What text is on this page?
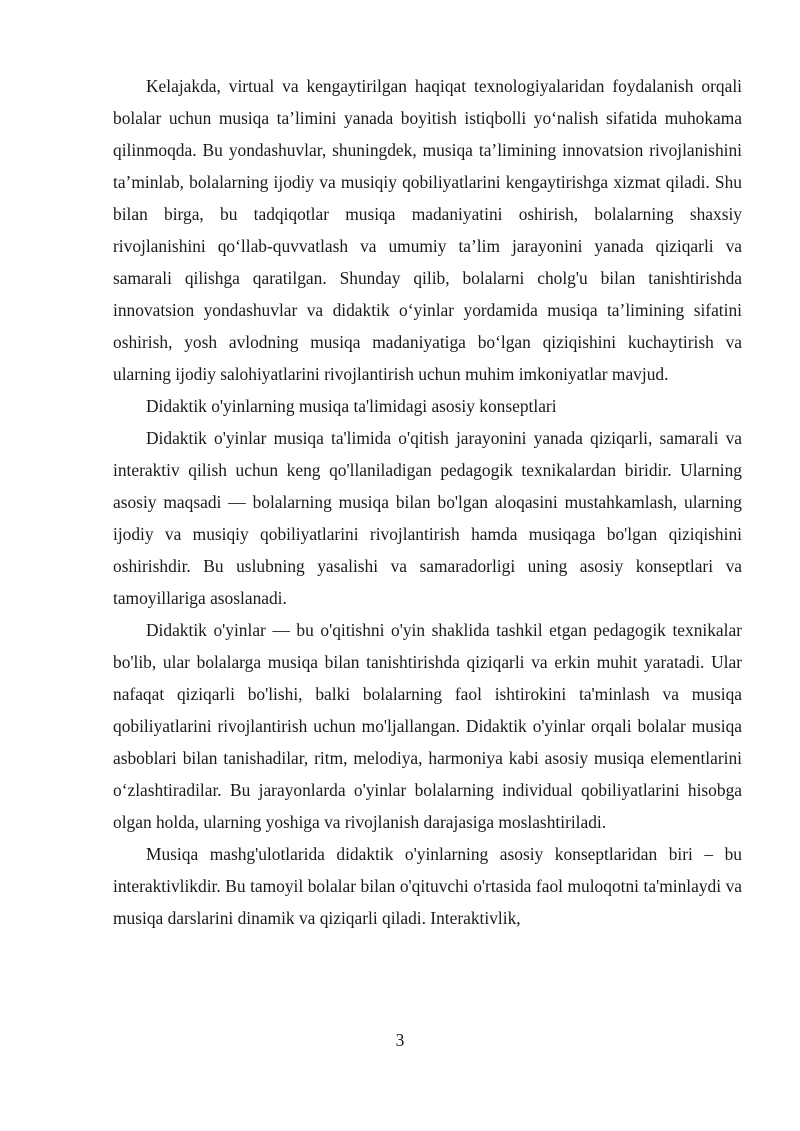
Kelajakda, virtual va kengaytirilgan haqiqat texnologiyalaridan foydalanish orqali bolalar uchun musiqa ta’limini yanada boyitish istiqbolli yo‘nalish sifatida muhokama qilinmoqda. Bu yondashuvlar, shuningdek, musiqa ta’limining innovatsion rivojlanishini ta’minlab, bolalarning ijodiy va musiqiy qobiliyatlarini kengaytirishga xizmat qiladi. Shu bilan birga, bu tadqiqotlar musiqa madaniyatini oshirish, bolalarning shaxsiy rivojlanishini qo‘llab-quvvatlash va umumiy ta’lim jarayonini yanada qiziqarli va samarali qilishga qaratilgan. Shunday qilib, bolalarni cholg'u bilan tanishtirishda innovatsion yondashuvlar va didaktik o‘yinlar yordamida musiqa ta’limining sifatini oshirish, yosh avlodning musiqa madaniyatiga bo‘lgan qiziqishini kuchaytirish va ularning ijodiy salohiyatlarini rivojlantirish uchun muhim imkoniyatlar mavjud.

Didaktik o'yinlarning musiqa ta'limidagi asosiy konseptlari

Didaktik o'yinlar musiqa ta'limida o'qitish jarayonini yanada qiziqarli, samarali va interaktiv qilish uchun keng qo'llaniladigan pedagogik texnikalardan biridir. Ularning asosiy maqsadi — bolalarning musiqa bilan bo'lgan aloqasini mustahkamlash, ularning ijodiy va musiqiy qobiliyatlarini rivojlantirish hamda musiqaga bo'lgan qiziqishini oshirishdir. Bu uslubning yasalishi va samaradorligi uning asosiy konseptlari va tamoyillariga asoslanadi.

Didaktik o'yinlar — bu o'qitishni o'yin shaklida tashkil etgan pedagogik texnikalar bo'lib, ular bolalarga musiqa bilan tanishtirishda qiziqarli va erkin muhit yaratadi. Ular nafaqat qiziqarli bo'lishi, balki bolalarning faol ishtirokini ta'minlash va musiqa qobiliyatlarini rivojlantirish uchun mo'ljallangan. Didaktik o'yinlar orqali bolalar musiqa asboblari bilan tanishadilar, ritm, melodiya, harmoniya kabi asosiy musiqa elementlarini o‘zlashtiradilar. Bu jarayonlarda o'yinlar bolalarning individual qobiliyatlarini hisobga olgan holda, ularning yoshiga va rivojlanish darajasiga moslashtiriladi.

Musiqa mashg'ulotlarida didaktik o'yinlarning asosiy konseptlaridan biri – bu interaktivlikdir. Bu tamoyil bolalar bilan o'qituvchi o'rtasida faol muloqotni ta'minlaydi va musiqa darslarini dinamik va qiziqarli qiladi. Interaktivlik,

3
